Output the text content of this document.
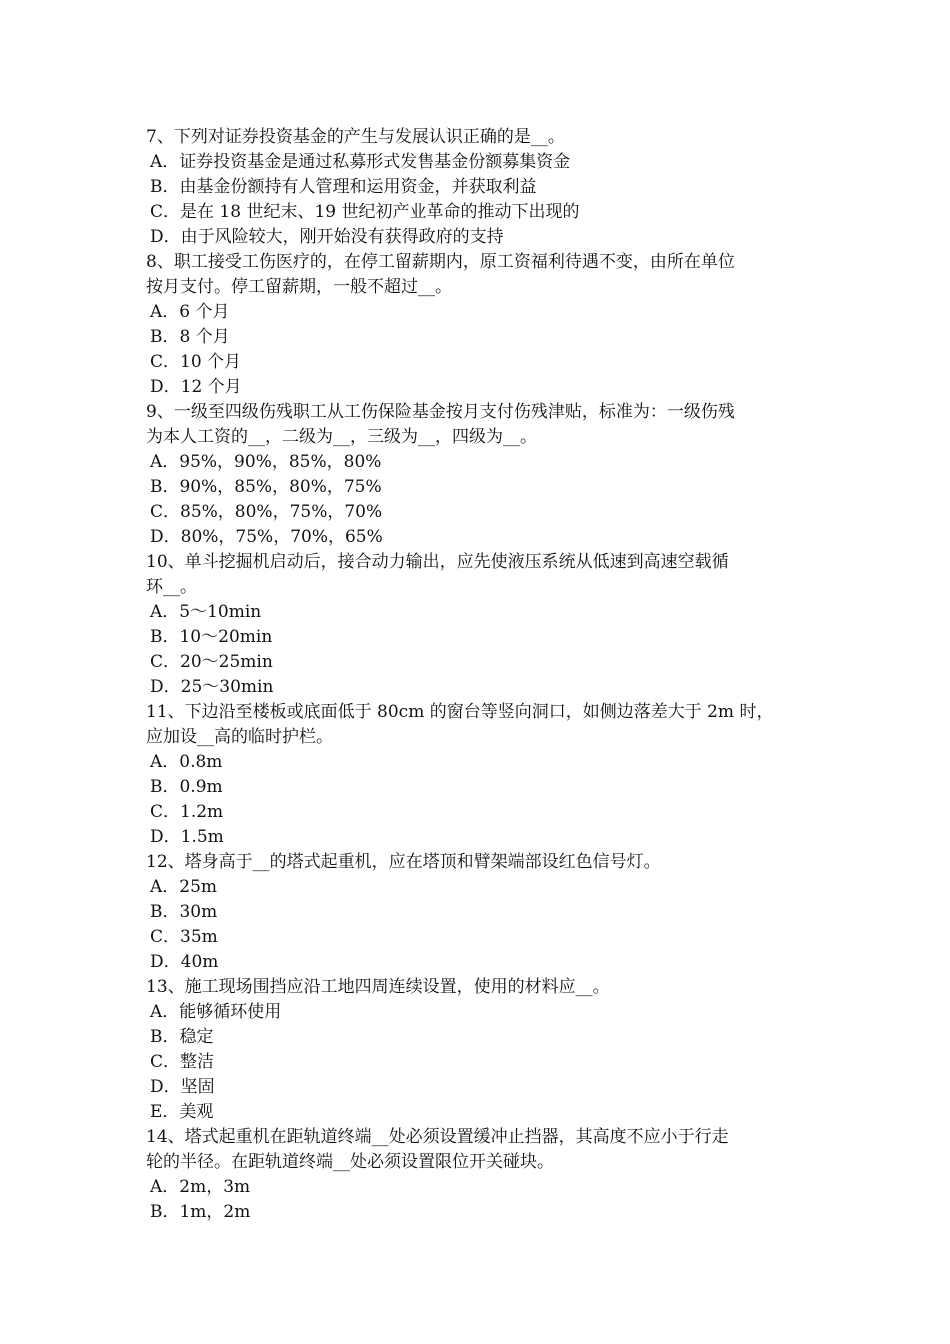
7、下列对证券投资基金的产生与发展认识正确的是__。
A．证券投资基金是通过私募形式发售基金份额募集资金
B．由基金份额持有人管理和运用资金，并获取利益
C．是在 18 世纪末、19 世纪初产业革命的推动下出现的
D．由于风险较大，刚开始没有获得政府的支持
8、职工接受工伤医疗的，在停工留薪期内，原工资福利待遇不变，由所在单位
按月支付。停工留薪期，一般不超过__。
A．6 个月
B．8 个月
C．10 个月
D．12 个月
9、一级至四级伤残职工从工伤保险基金按月支付伤残津贴，标准为：一级伤残
为本人工资的__，二级为__，三级为__，四级为__。
A．95%，90%，85%，80%
B．90%，85%，80%，75%
C．85%，80%，75%，70%
D．80%，75%，70%，65%
10、单斗挖掘机启动后，接合动力输出，应先使液压系统从低速到高速空载循
环__。
A．5～10min
B．10～20min
C．20～25min
D．25～30min
11、下边沿至楼板或底面低于 80cm 的窗台等竖向洞口，如侧边落差大于 2m 时，
应加设__高的临时护栏。
A．0.8m
B．0.9m
C．1.2m
D．1.5m
12、塔身高于__的塔式起重机，应在塔顶和臂架端部设红色信号灯。
A．25m
B．30m
C．35m
D．40m
13、施工现场围挡应沿工地四周连续设置，使用的材料应__。
A．能够循环使用
B．稳定
C．整洁
D．坚固
E．美观
14、塔式起重机在距轨道终端__处必须设置缓冲止挡器，其高度不应小于行走
轮的半径。在距轨道终端__处必须设置限位开关碰块。
A．2m，3m
B．1m，2m
